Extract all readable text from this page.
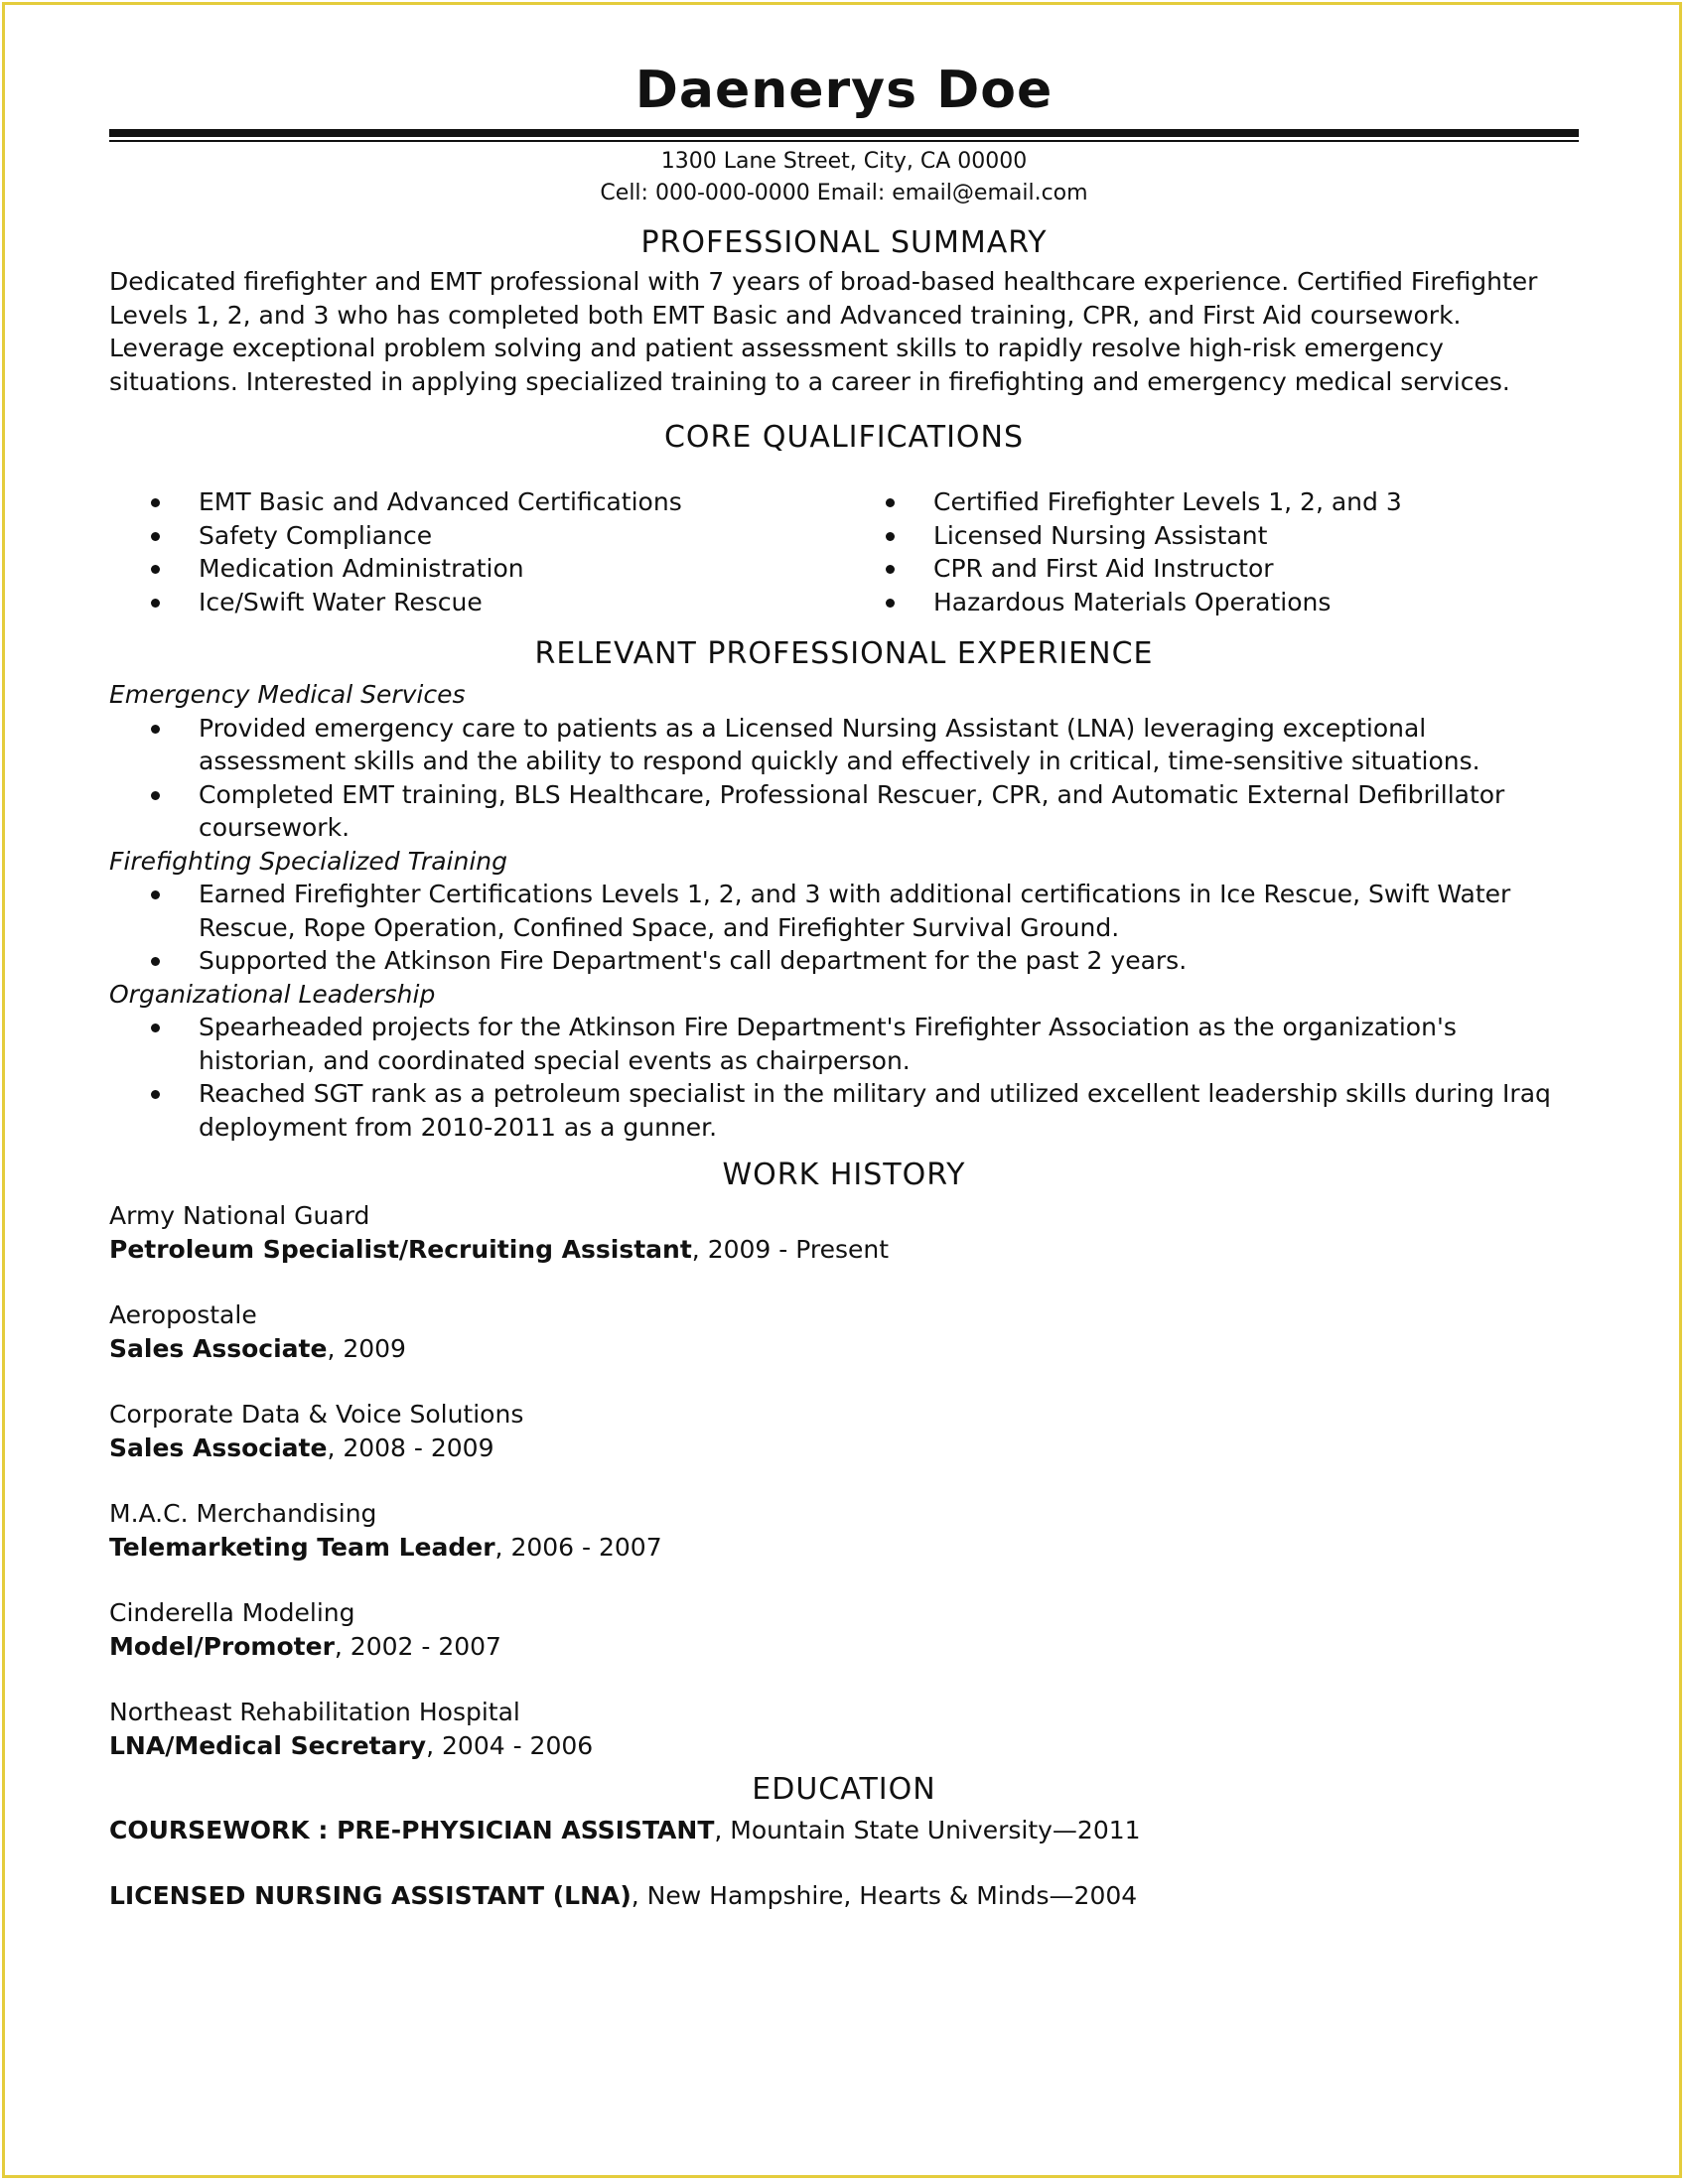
Daenerys Doe
1300 Lane Street, City, CA 00000
Cell: 000-000-0000 Email: email@email.com
PROFESSIONAL SUMMARY

Dedicated firefighter and EMT professional with 7 years of broad-based healthcare experience. Certified Firefighter Levels 1, 2, and 3 who has completed both EMT Basic and Advanced training, CPR, and First Aid coursework. Leverage exceptional problem solving and patient assessment skills to rapidly resolve high-risk emergency situations. Interested in applying specialized training to a career in firefighting and emergency medical services.

CORE QUALIFICATIONS
EMT Basic and Advanced Certifications
Safety Compliance
Medication Administration
Ice/Swift Water Rescue
Certified Firefighter Levels 1, 2, and 3
Licensed Nursing Assistant
CPR and First Aid Instructor
Hazardous Materials Operations
RELEVANT PROFESSIONAL EXPERIENCE
Emergency Medical Services
Provided emergency care to patients as a Licensed Nursing Assistant (LNA) leveraging exceptional assessment skills and the ability to respond quickly and effectively in critical, time-sensitive situations.
Completed EMT training, BLS Healthcare, Professional Rescuer, CPR, and Automatic External Defibrillator coursework.
Firefighting Specialized Training
Earned Firefighter Certifications Levels 1, 2, and 3 with additional certifications in Ice Rescue, Swift Water Rescue, Rope Operation, Confined Space, and Firefighter Survival Ground.
Supported the Atkinson Fire Department's call department for the past 2 years.
Organizational Leadership
Spearheaded projects for the Atkinson Fire Department's Firefighter Association as the organization's historian, and coordinated special events as chairperson.
Reached SGT rank as a petroleum specialist in the military and utilized excellent leadership skills during Iraq deployment from 2010-2011 as a gunner.
WORK HISTORY
Army National Guard
Petroleum Specialist/Recruiting Assistant, 2009 - Present
Aeropostale
Sales Associate, 2009
Corporate Data & Voice Solutions
Sales Associate, 2008 - 2009
M.A.C. Merchandising
Telemarketing Team Leader, 2006 - 2007
Cinderella Modeling
Model/Promoter, 2002 - 2007
Northeast Rehabilitation Hospital
LNA/Medical Secretary, 2004 - 2006
EDUCATION
COURSEWORK : PRE-PHYSICIAN ASSISTANT, Mountain State University—2011
LICENSED NURSING ASSISTANT (LNA), New Hampshire, Hearts & Minds—2004
